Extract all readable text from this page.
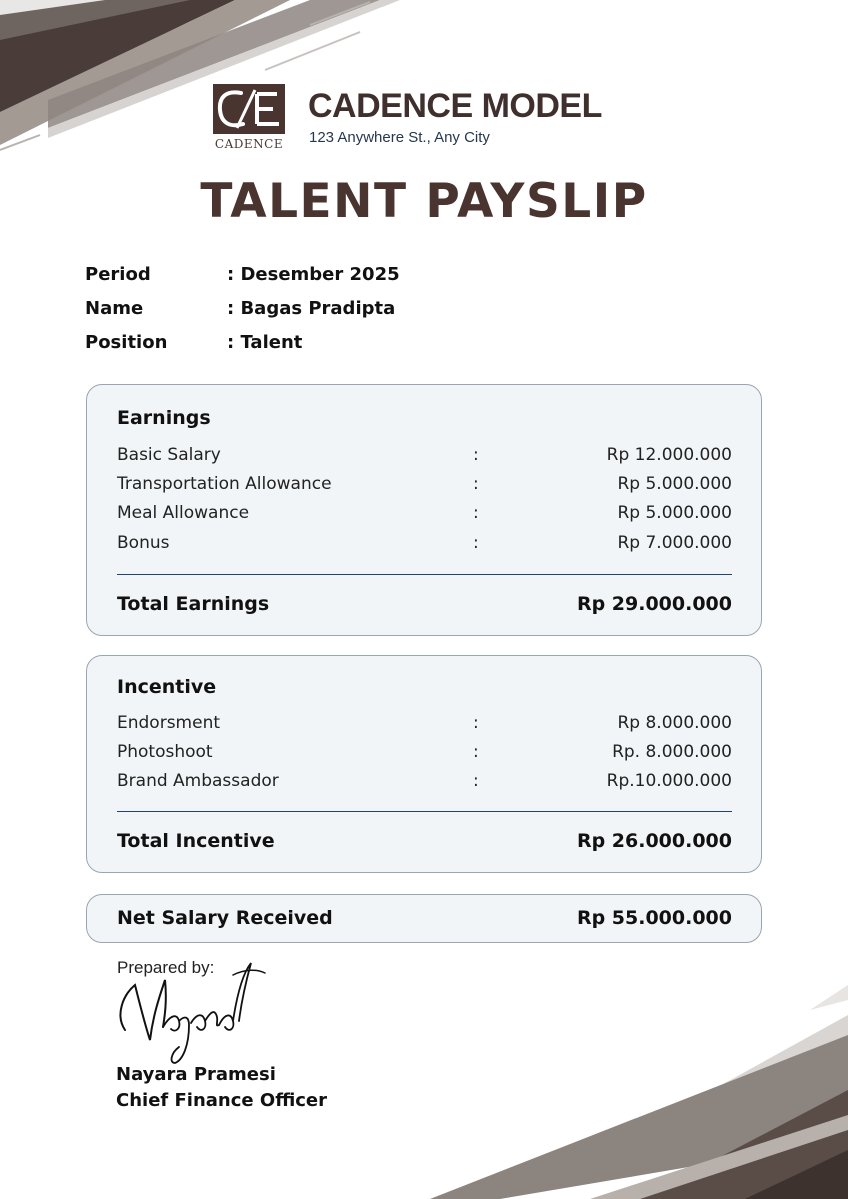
CADENCE
CADENCE MODEL
123 Anywhere St., Any City
TALENT PAYSLIP
Period	: Desember 2025
Name	: Bagas Pradipta
Position	: Talent
Earnings
Basic Salary	:	Rp 12.000.000
Transportation Allowance	:	Rp 5.000.000
Meal Allowance	:	Rp 5.000.000
Bonus	:	Rp 7.000.000
Total Earnings	Rp 29.000.000
Incentive
Endorsment	:	Rp 8.000.000
Photoshoot	:	Rp. 8.000.000
Brand Ambassador	:	Rp.10.000.000
Total Incentive	Rp 26.000.000
Net Salary Received	Rp 55.000.000
Prepared by:
Nayara Pramesi
Chief Finance Officer
